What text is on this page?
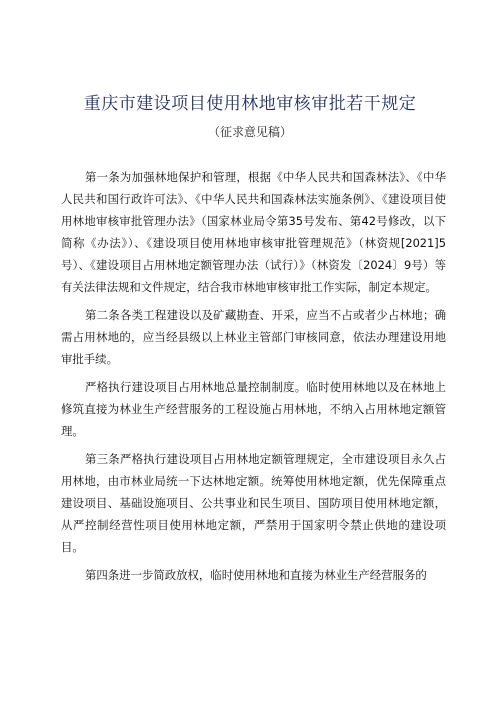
重庆市建设项目使用林地审核审批若干规定
（征求意见稿）

第一条为加强林地保护和管理，根据《中华人民共和国森林法》、《中华人民共和国行政许可法》、《中华人民共和国森林法实施条例》、《建设项目使用林地审核审批管理办法》（国家林业局令第35号发布、第42号修改，以下简称《办法》）、《建设项目使用林地审核审批管理规范》（林资规[2021]5号）、《建设项目占用林地定额管理办法（试行）》（林资发〔2024〕9号）等有关法律法规和文件规定，结合我市林地审核审批工作实际，制定本规定。

第二条各类工程建设以及矿藏勘查、开采，应当不占或者少占林地；确需占用林地的，应当经县级以上林业主管部门审核同意，依法办理建设用地审批手续。

严格执行建设项目占用林地总量控制制度。临时使用林地以及在林地上修筑直接为林业生产经营服务的工程设施占用林地，不纳入占用林地定额管理。

第三条严格执行建设项目占用林地定额管理规定，全市建设项目永久占用林地，由市林业局统一下达林地定额。统筹使用林地定额，优先保障重点建设项目、基础设施项目、公共事业和民生项目、国防项目使用林地定额，从严控制经营性项目使用林地定额，严禁用于国家明令禁止供地的建设项目。

第四条进一步简政放权，临时使用林地和直接为林业生产经营服务的
